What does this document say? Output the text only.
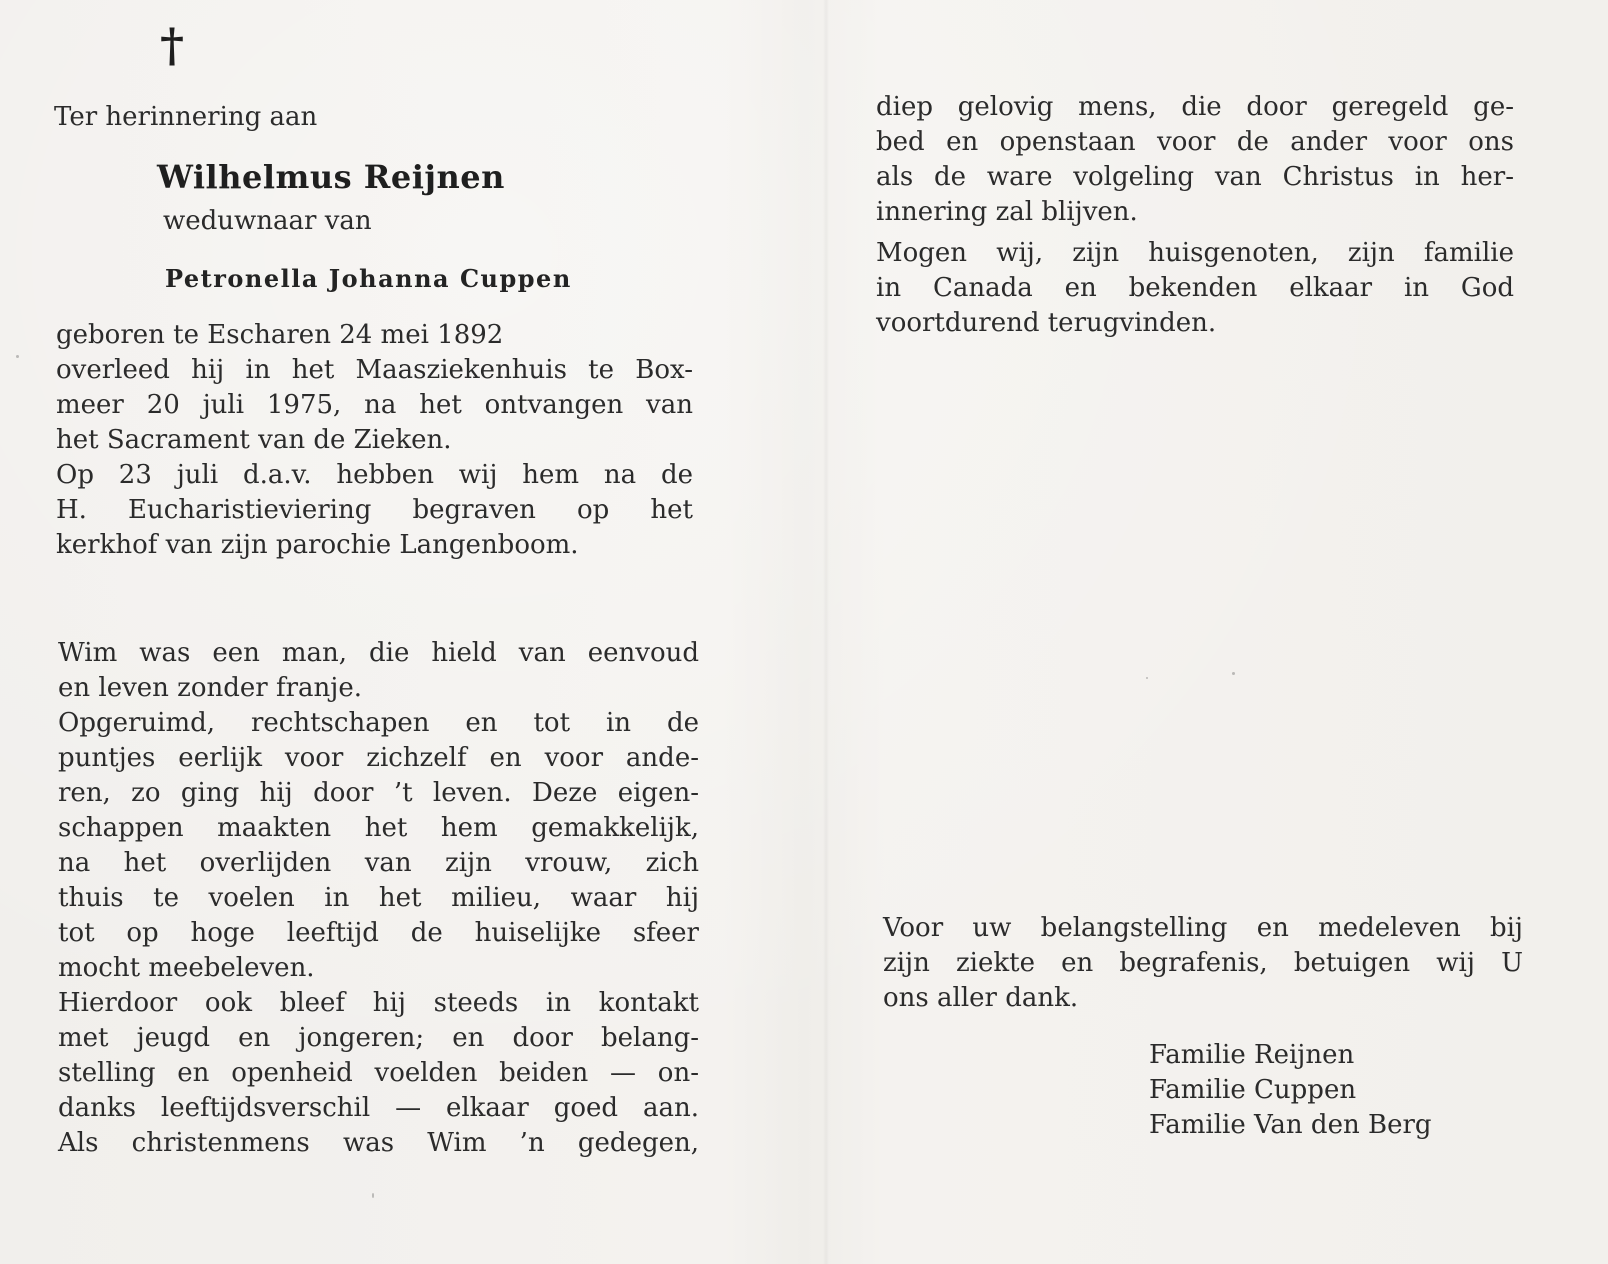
†
Ter herinnering aan
Wilhelmus Reijnen
weduwnaar van
Petronella Johanna Cuppen
geboren te Escharen 24 mei 1892
overleed hij in het Maasziekenhuis te Box-
meer 20 juli 1975, na het ontvangen van
het Sacrament van de Zieken.
Op 23 juli d.a.v. hebben wij hem na de
H. Eucharistieviering begraven op het
kerkhof van zijn parochie Langenboom.
Wim was een man, die hield van eenvoud
en leven zonder franje.
Opgeruimd, rechtschapen en tot in de
puntjes eerlijk voor zichzelf en voor ande-
ren, zo ging hij door ’t leven. Deze eigen-
schappen maakten het hem gemakkelijk,
na het overlijden van zijn vrouw, zich
thuis te voelen in het milieu, waar hij
tot op hoge leeftijd de huiselijke sfeer
mocht meebeleven.
Hierdoor ook bleef hij steeds in kontakt
met jeugd en jongeren; en door belang-
stelling en openheid voelden beiden — on-
danks leeftijdsverschil — elkaar goed aan.
Als christenmens was Wim ’n gedegen,
diep gelovig mens, die door geregeld ge-
bed en openstaan voor de ander voor ons
als de ware volgeling van Christus in her-
innering zal blijven.
Mogen wij, zijn huisgenoten, zijn familie
in Canada en bekenden elkaar in God
voortdurend terugvinden.
Voor uw belangstelling en medeleven bij
zijn ziekte en begrafenis, betuigen wij U
ons aller dank.
Familie Reijnen
Familie Cuppen
Familie Van den Berg
